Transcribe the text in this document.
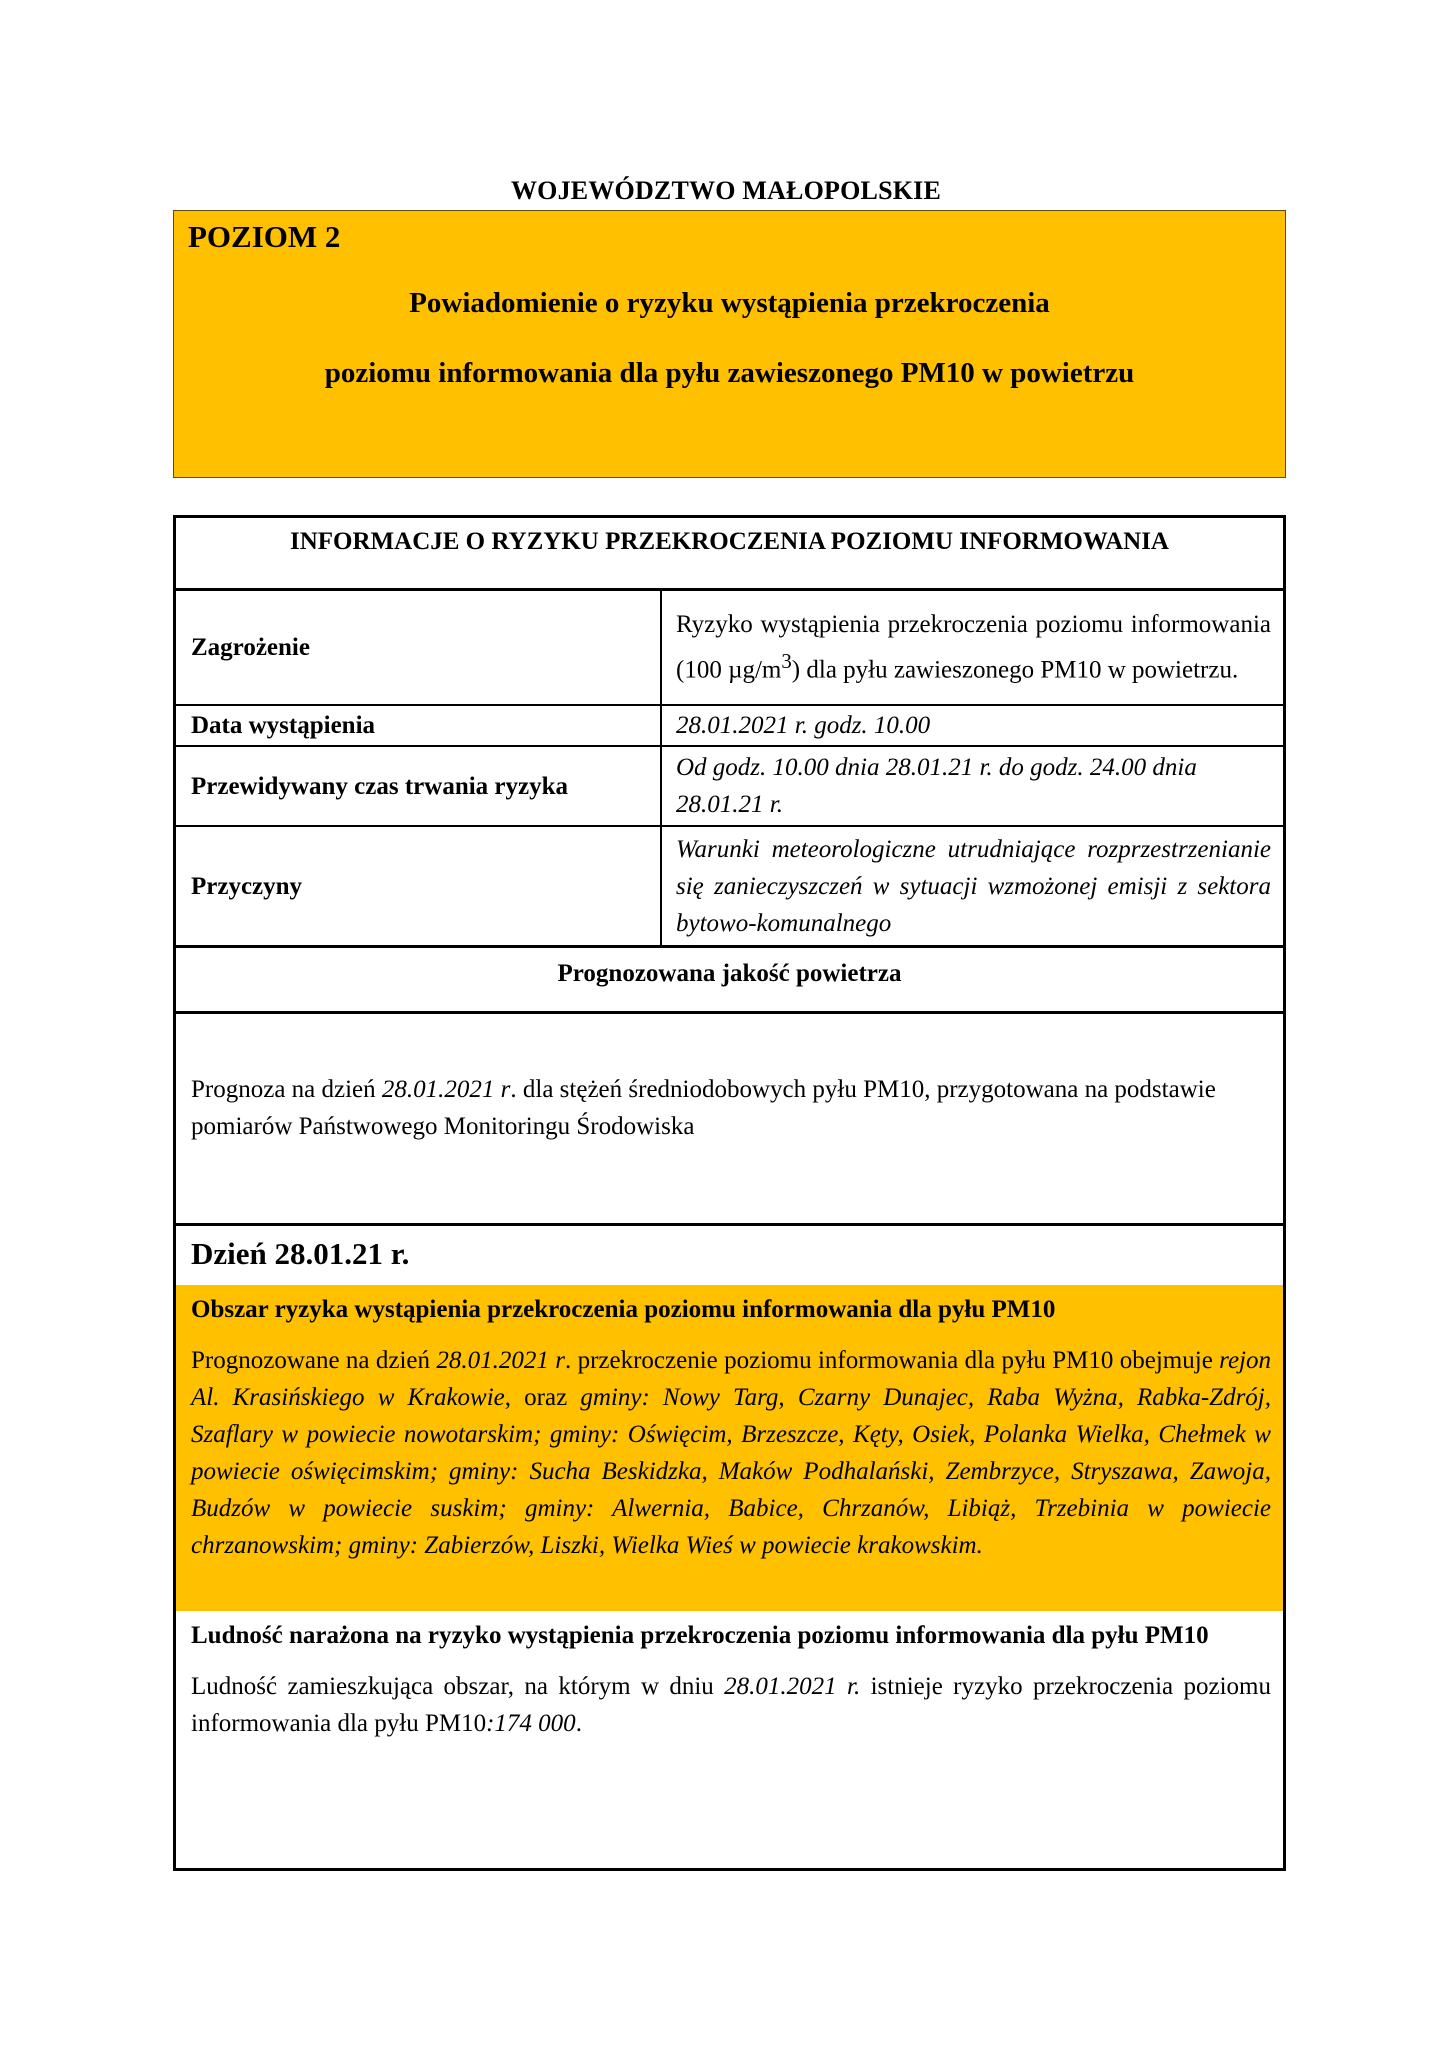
WOJEWÓDZTWO MAŁOPOLSKIE
POZIOM 2
Powiadomienie o ryzyku wystąpienia przekroczenia
poziomu informowania dla pyłu zawieszonego PM10 w powietrzu
INFORMACJE O RYZYKU PRZEKROCZENIA POZIOMU INFORMOWANIA
Zagrożenie	Ryzyko wystąpienia przekroczenia poziomu informowania (100 $\mu g/m^3$) dla pyłu zawieszonego PM10 w powietrzu.
Data wystąpienia	28.01.2021 r. godz. 10.00
Przewidywany czas trwania ryzyka	Od godz. 10.00 dnia 28.01.21 r. do godz. 24.00 dnia 28.01.21 r.
Przyczyny	Warunki meteorologiczne utrudniające rozprzestrzenianie się zanieczyszczeń w sytuacji wzmożonej emisji z sektora bytowo-komunalnego
Prognozowana jakość powietrza
Prognoza na dzień 28.01.2021 r. dla stężeń średniodobowych pyłu PM10, przygotowana na podstawie pomiarów Państwowego Monitoringu Środowiska
Dzień 28.01.21 r.
Obszar ryzyka wystąpienia przekroczenia poziomu informowania dla pyłu PM10
Prognozowane na dzień 28.01.2021 r. przekroczenie poziomu informowania dla pyłu PM10 obejmuje rejon Al. Krasińskiego w Krakowie, oraz gminy: Nowy Targ, Czarny Dunajec, Raba Wyżna, Rabka-Zdrój, Szaflary w powiecie nowotarskim; gminy: Oświęcim, Brzeszcze, Kęty, Osiek, Polanka Wielka, Chełmek w powiecie oświęcimskim; gminy: Sucha Beskidzka, Maków Podhalański, Zembrzyce, Stryszawa, Zawoja, Budzów w powiecie suskim; gminy: Alwernia, Babice, Chrzanów, Libiąż, Trzebinia w powiecie chrzanowskim; gminy: Zabierzów, Liszki, Wielka Wieś w powiecie krakowskim.
Ludność narażona na ryzyko wystąpienia przekroczenia poziomu informowania dla pyłu PM10
Ludność zamieszkująca obszar, na którym w dniu 28.01.2021 r. istnieje ryzyko przekroczenia poziomu informowania dla pyłu PM10:174 000.
